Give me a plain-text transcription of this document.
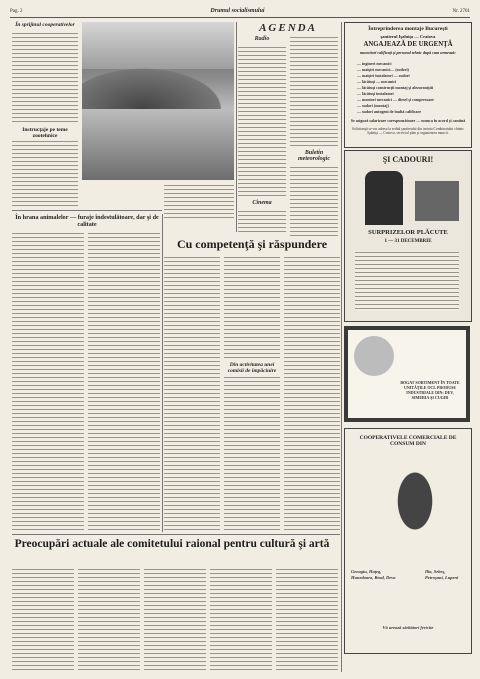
Pag. 2	Drumul socialismului	Nr. 2701
În sprijinul cooperativelor
Instrucţaje pe teme zootehnice
În hrana animalelor — furaje îndestulătoare, dar şi de calitate
AGENDA
Radio
Buletin meteorologic
Cinema
Cu competenţă şi răspundere
Din activitatea unei comisii de împăciuire
Întreprinderea montaje Bucureşti
şantierul Işalniţa — Craiova
ANGAJEAZĂ DE URGENŢĂ
muncitori calificaţi şi personal tehnic după cum urmează:
— ingineri mecanici
— maiştri mecanici— (sudori)
— maiştri instalatori — sudori
— lăcătuşi — mecanici
— lăcătuşi construcţii montaj şi alezoraniştii
— lăcătuşi instalatori
— montori mecanici — diesel şi compresoare
— sudori (montaj)
— sudori autogeni de înaltă calificare
Se asigură salarizare corespunzătoare — munca în acord şi cantină
Solicitanţii se vor adresa la sediul şantierului din incinta Combinatului chimic Işalniţa — Craiova, serviciul plan şi organizarea muncii.
ŞI CADOURI!
SURPRIZELOR PLĂCUTE
1 — 31 DECEMBRIE
BOGAT SORTIMENT ÎN TOATE UNITĂŢILE OCL PRODUSE INDUSTRIALE DIN: DEV, SIMERIA ŞI CUGIR
COOPERATIVELE COMERCIALE DE CONSUM DIN
Geoagiu, Haţeg, Hunedoara, Brad, Deva
Ilia, Sebeş, Petroşani, Lupeni
Vă urează sărbători fericite
Preocupări actuale ale comitetului raional pentru cultură şi artă
